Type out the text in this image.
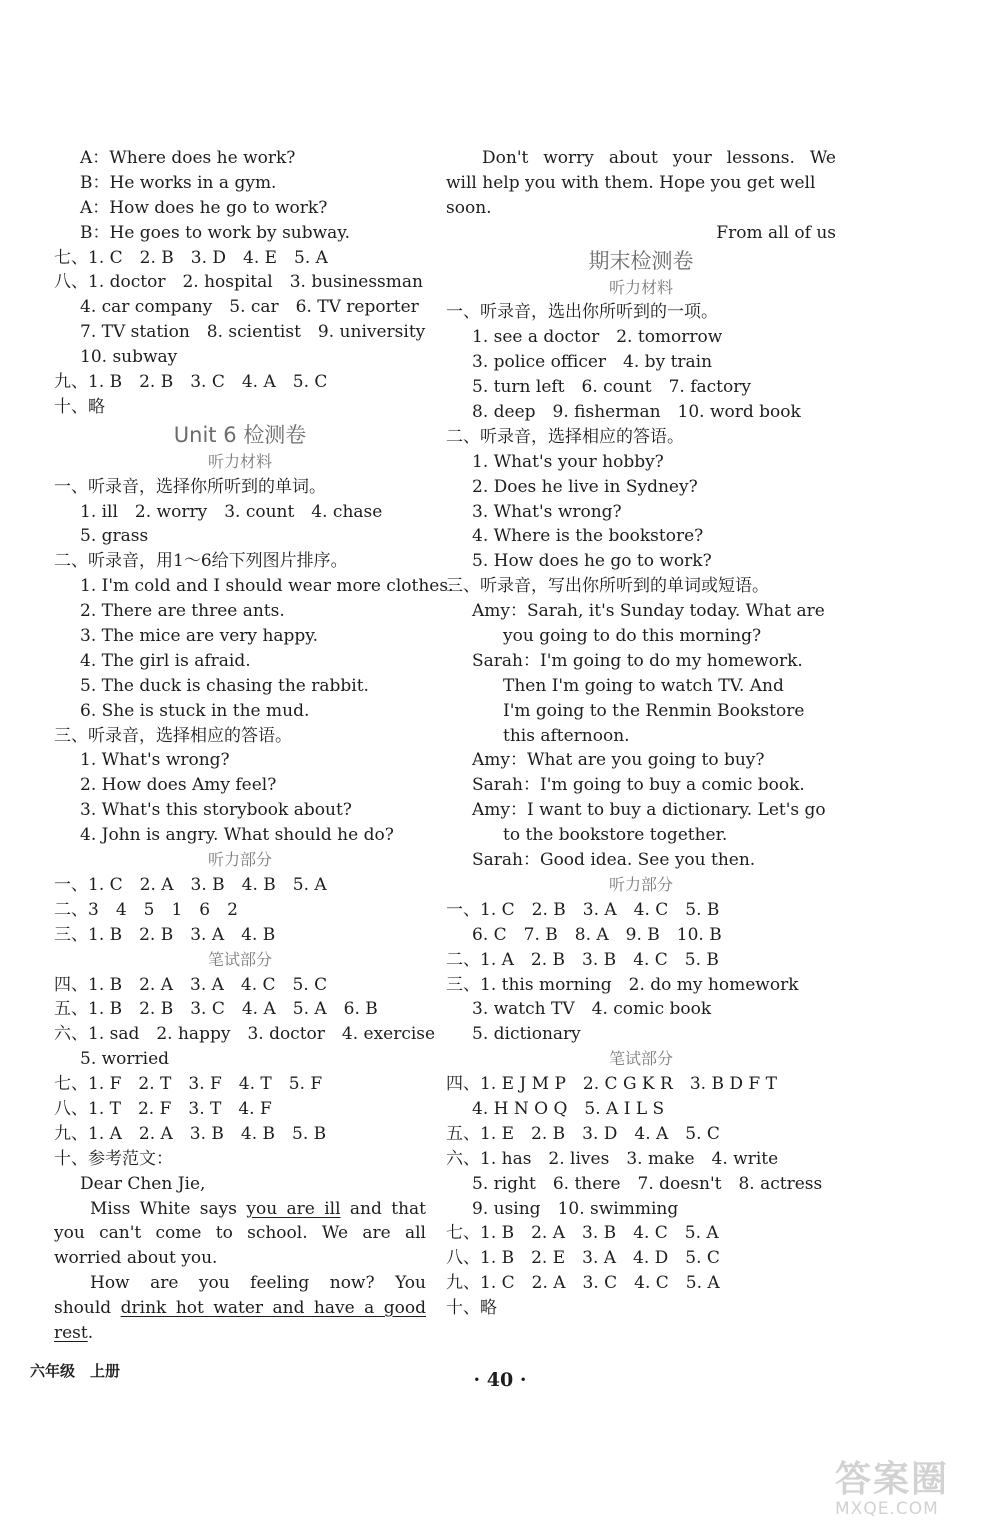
A：Where does he work?
B：He works in a gym.
A：How does he go to work?
B：He goes to work by subway.
七、1. C　2. B　3. D　4. E　5. A
八、1. doctor　2. hospital　3. businessman
4. car company　5. car　6. TV reporter
7. TV station　8. scientist　9. university
10. subway
九、1. B　2. B　3. C　4. A　5. C
十、略
Unit 6 检测卷
听力材料
一、听录音，选择你所听到的单词。
1. ill　2. worry　3. count　4. chase
5. grass
二、听录音，用1～6给下列图片排序。
1. I'm cold and I should wear more clothes.
2. There are three ants.
3. The mice are very happy.
4. The girl is afraid.
5. The duck is chasing the rabbit.
6. She is stuck in the mud.
三、听录音，选择相应的答语。
1. What's wrong?
2. How does Amy feel?
3. What's this storybook about?
4. John is angry. What should he do?
听力部分
一、1. C　2. A　3. B　4. B　5. A
二、3　4　5　1　6　2
三、1. B　2. B　3. A　4. B
笔试部分
四、1. B　2. A　3. A　4. C　5. C
五、1. B　2. B　3. C　4. A　5. A　6. B
六、1. sad　2. happy　3. doctor　4. exercise
5. worried
七、1. F　2. T　3. F　4. T　5. F
八、1. T　2. F　3. T　4. F
九、1. A　2. A　3. B　4. B　5. B
十、参考范文：
Dear Chen Jie,
Miss White says you are ill and that
you can't come to school. We are all
worried about you.
How are you feeling now? You
should drink hot water and have a good
rest.
Don't worry about your lessons. We
will help you with them. Hope you get well
soon.
From all of us
期末检测卷
听力材料
一、听录音，选出你所听到的一项。
1. see a doctor　2. tomorrow
3. police officer　4. by train
5. turn left　6. count　7. factory
8. deep　9. fisherman　10. word book
二、听录音，选择相应的答语。
1. What's your hobby?
2. Does he live in Sydney?
3. What's wrong?
4. Where is the bookstore?
5. How does he go to work?
三、听录音，写出你所听到的单词或短语。
Amy：Sarah, it's Sunday today. What are
you going to do this morning?
Sarah：I'm going to do my homework.
Then I'm going to watch TV. And
I'm going to the Renmin Bookstore
this afternoon.
Amy：What are you going to buy?
Sarah：I'm going to buy a comic book.
Amy：I want to buy a dictionary. Let's go
to the bookstore together.
Sarah：Good idea. See you then.
听力部分
一、1. C　2. B　3. A　4. C　5. B
6. C　7. B　8. A　9. B　10. B
二、1. A　2. B　3. B　4. C　5. B
三、1. this morning　2. do my homework
3. watch TV　4. comic book
5. dictionary
笔试部分
四、1. E J M P　2. C G K R　3. B D F T
4. H N O Q　5. A I L S
五、1. E　2. B　3. D　4. A　5. C
六、1. has　2. lives　3. make　4. write
5. right　6. there　7. doesn't　8. actress
9. using　10. swimming
七、1. B　2. A　3. B　4. C　5. A
八、1. B　2. E　3. A　4. D　5. C
九、1. C　2. A　3. C　4. C　5. A
十、略
六年级　上册	· 40 ·
答案圈
MXQE.COM
